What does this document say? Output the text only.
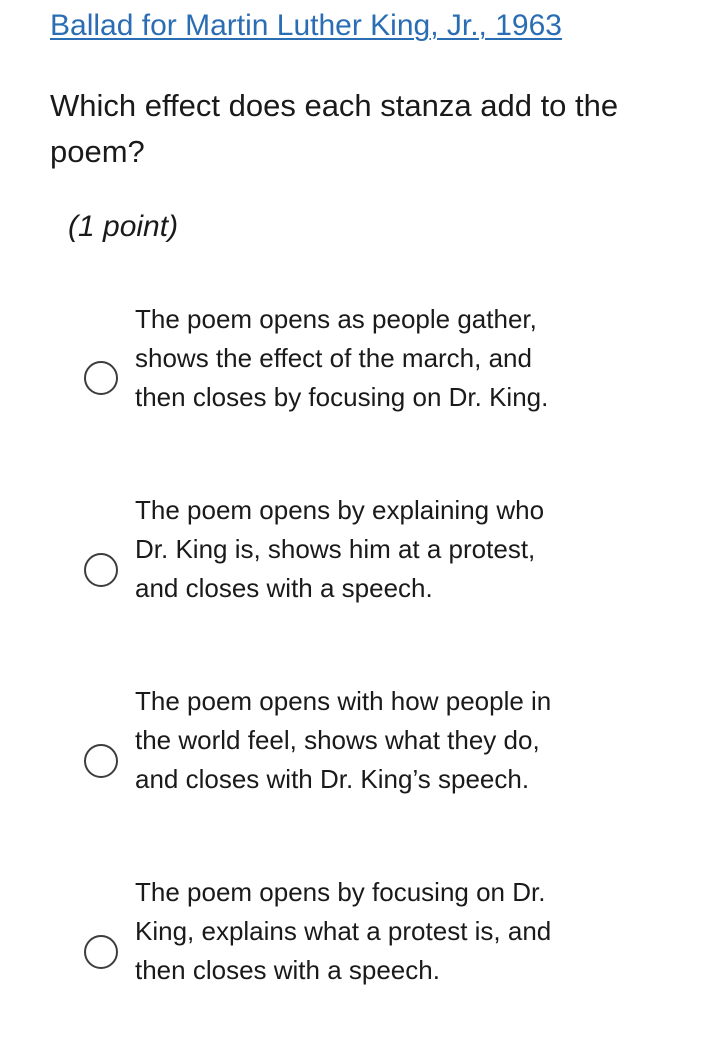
Ballad for Martin Luther King, Jr., 1963
Which effect does each stanza add to the poem?
(1 point)
The poem opens as people gather, shows the effect of the march, and then closes by focusing on Dr. King.
The poem opens by explaining who Dr. King is, shows him at a protest, and closes with a speech.
The poem opens with how people in the world feel, shows what they do, and closes with Dr. King’s speech.
The poem opens by focusing on Dr. King, explains what a protest is, and then closes with a speech.
